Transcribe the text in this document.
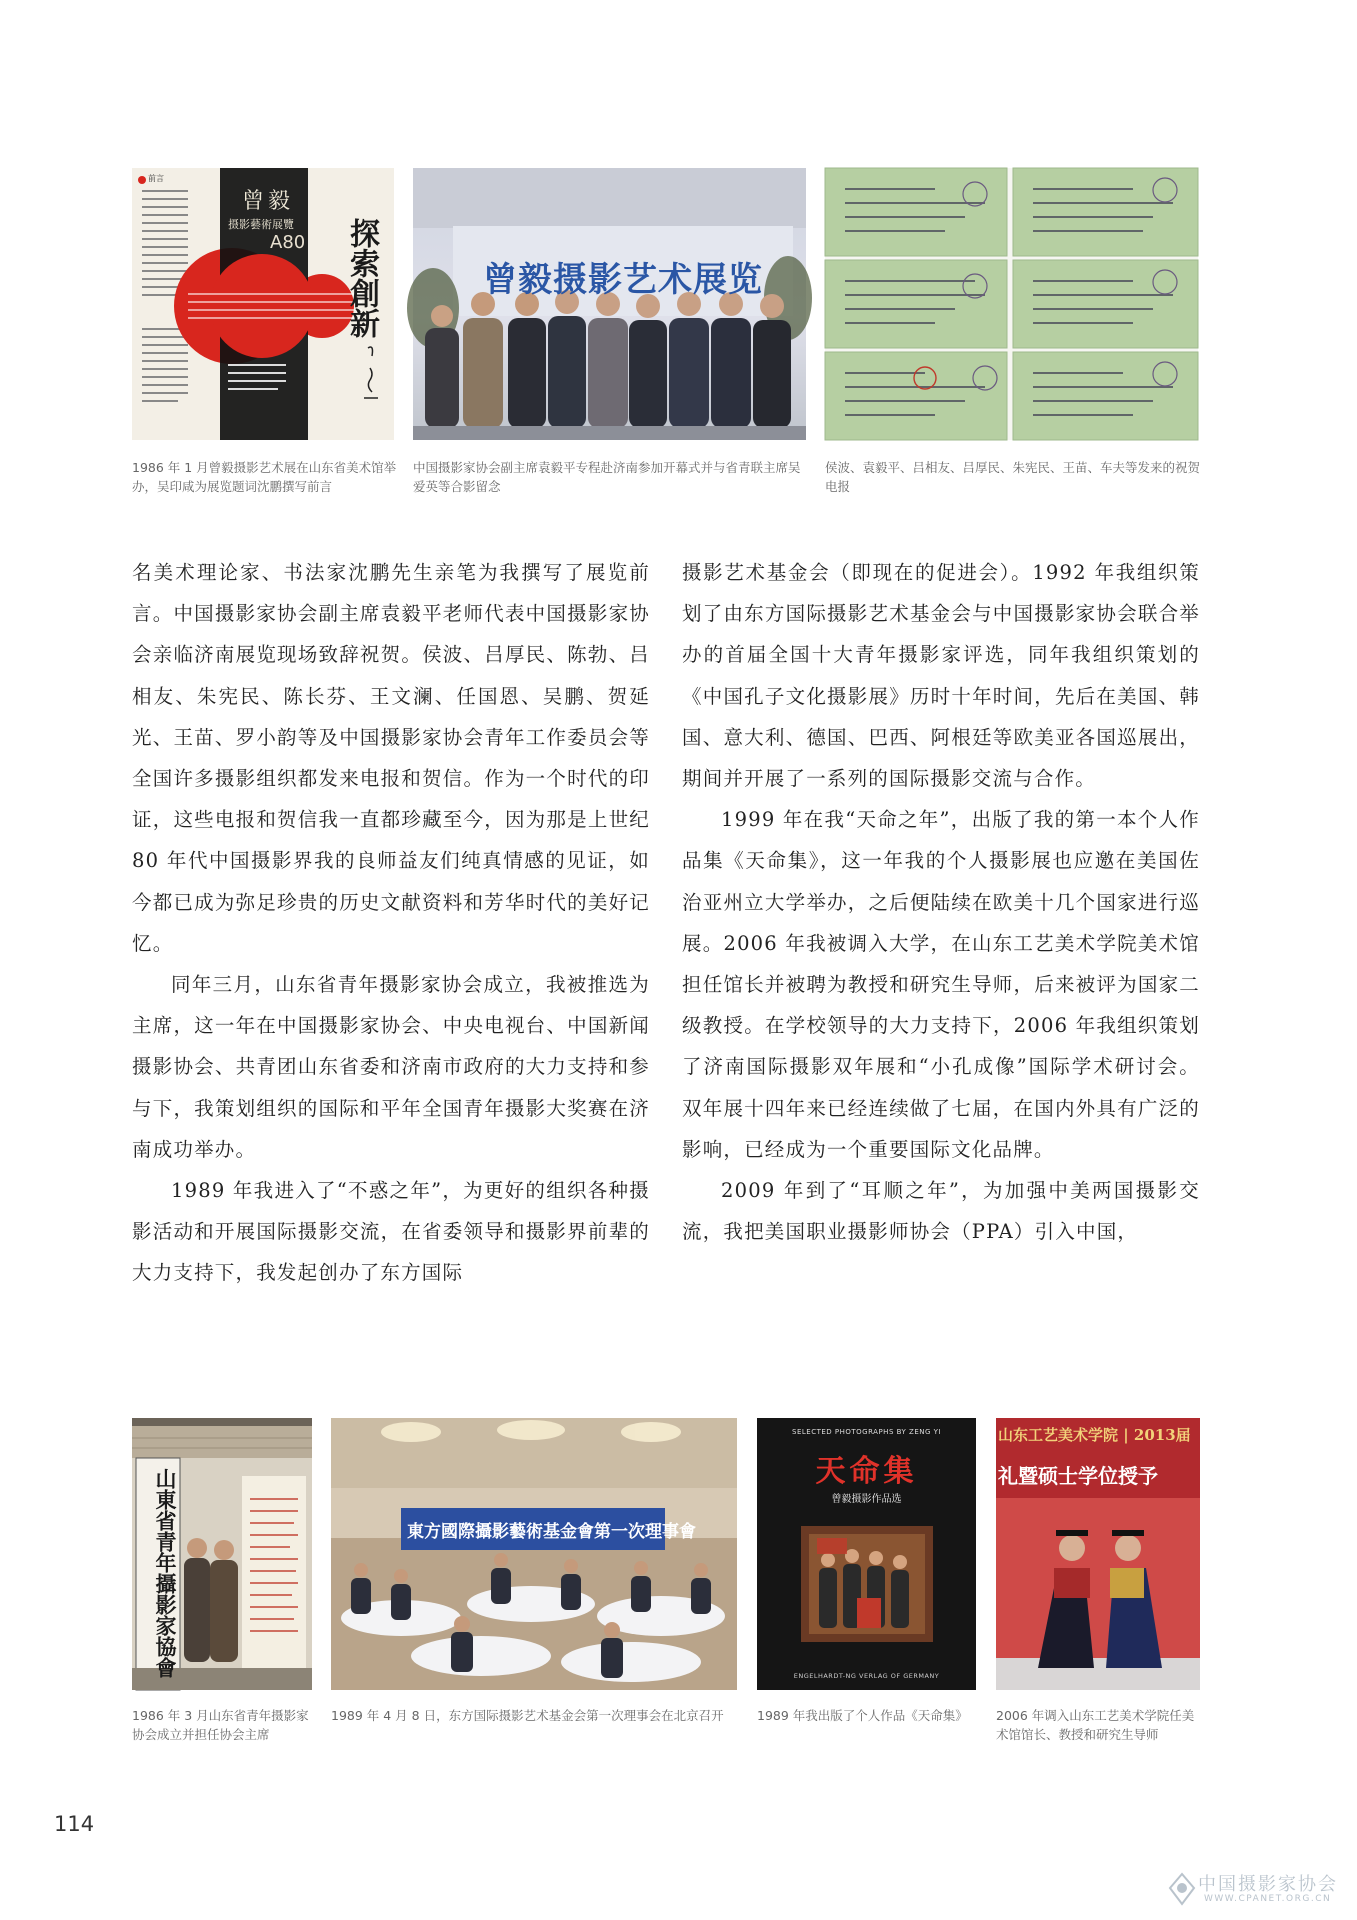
前言
曾毅
摄影藝術展覽
A80 探索創新	曾毅摄影艺术展览
1986 年 1 月曾毅摄影艺术展在山东省美术馆举办，吴印咸为展览题词沈鹏撰写前言
中国摄影家协会副主席袁毅平专程赴济南参加开幕式并与省青联主席吴爱英等合影留念
侯波、袁毅平、吕相友、吕厚民、朱宪民、王苗、车夫等发来的祝贺电报

名美术理论家、书法家沈鹏先生亲笔为我撰写了展览前言。中国摄影家协会副主席袁毅平老师代表中国摄影家协会亲临济南展览现场致辞祝贺。侯波、吕厚民、陈勃、吕相友、朱宪民、陈长芬、王文澜、任国恩、吴鹏、贺延光、王苗、罗小韵等及中国摄影家协会青年工作委员会等全国许多摄影组织都发来电报和贺信。作为一个时代的印证，这些电报和贺信我一直都珍藏至今，因为那是上世纪 80 年代中国摄影界我的良师益友们纯真情感的见证，如今都已成为弥足珍贵的历史文献资料和芳华时代的美好记忆。

同年三月，山东省青年摄影家协会成立，我被推选为主席，这一年在中国摄影家协会、中央电视台、中国新闻摄影协会、共青团山东省委和济南市政府的大力支持和参与下，我策划组织的国际和平年全国青年摄影大奖赛在济南成功举办。

1989 年我进入了“不惑之年”，为更好的组织各种摄影活动和开展国际摄影交流，在省委领导和摄影界前辈的大力支持下，我发起创办了东方国际

摄影艺术基金会（即现在的促进会）。1992 年我组织策划了由东方国际摄影艺术基金会与中国摄影家协会联合举办的首届全国十大青年摄影家评选，同年我组织策划的《中国孔子文化摄影展》历时十年时间，先后在美国、韩国、意大利、德国、巴西、阿根廷等欧美亚各国巡展出，期间并开展了一系列的国际摄影交流与合作。

1999 年在我“天命之年”，出版了我的第一本个人作品集《天命集》，这一年我的个人摄影展也应邀在美国佐治亚州立大学举办，之后便陆续在欧美十几个国家进行巡展。2006 年我被调入大学，在山东工艺美术学院美术馆担任馆长并被聘为教授和研究生导师，后来被评为国家二级教授。在学校领导的大力支持下，2006 年我组织策划了济南国际摄影双年展和“小孔成像”国际学术研讨会。双年展十四年来已经连续做了七届，在国内外具有广泛的影响，已经成为一个重要国际文化品牌。

2009 年到了“耳顺之年”，为加强中美两国摄影交流，我把美国职业摄影师协会（PPA）引入中国，

山東省青年攝影家協會	東方國際攝影藝術基金會第一次理事會
SELECTED PHOTOGRAPHS BY ZENG YI
天命集
曾毅摄影作品选
ENGELHARDT-NG VERLAG OF GERMANY
山东工艺美术学院 | 2013届
礼暨硕士学位授予
1986 年 3 月山东省青年摄影家协会成立并担任协会主席
1989 年 4 月 8 日，东方国际摄影艺术基金会第一次理事会在北京召开	1989 年我出版了个人作品《天命集》	2006 年调入山东工艺美术学院任美术馆馆长、教授和研究生导师
114
中国摄影家协会
WWW.CPANET.ORG.CN
